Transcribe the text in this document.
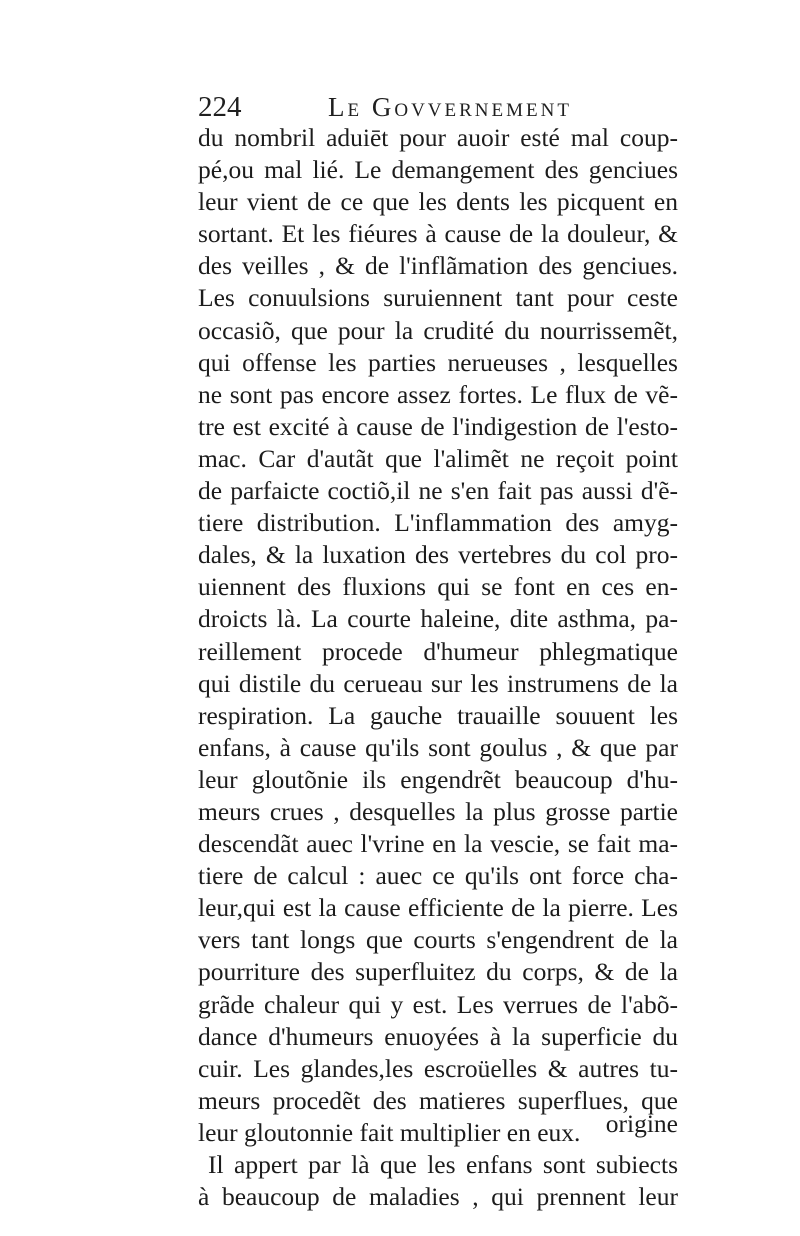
224	Le Govvernement
du nombril aduiēt pour auoir esté mal coup-
pé,ou mal lié. Le demangement des genciues
leur vient de ce que les dents les picquent en
sortant. Et les fiéures à cause de la douleur, &
des veilles , & de l'inflãmation des genciues.
Les conuulsions suruiennent tant pour ceste
occasiõ, que pour la crudité du nourrissemẽt,
qui offense les parties nerueuses , lesquelles
ne sont pas encore assez fortes. Le flux de vẽ-
tre est excité à cause de l'indigestion de l'esto-
mac. Car d'autãt que l'alimẽt ne reçoit point
de parfaicte coctiõ,il ne s'en fait pas aussi d'ẽ-
tiere distribution. L'inflammation des amyg-
dales, & la luxation des vertebres du col pro-
uiennent des fluxions qui se font en ces en-
droicts là. La courte haleine, dite asthma, pa-
reillement procede d'humeur phlegmatique
qui distile du cerueau sur les instrumens de la
respiration. La gauche trauaille souuent les
enfans, à cause qu'ils sont goulus , & que par
leur gloutõnie ils engendrẽt beaucoup d'hu-
meurs crues , desquelles la plus grosse partie
descendãt auec l'vrine en la vescie, se fait ma-
tiere de calcul : auec ce qu'ils ont force cha-
leur,qui est la cause efficiente de la pierre. Les
vers tant longs que courts s'engendrent de la
pourriture des superfluitez du corps, & de la
grãde chaleur qui y est. Les verrues de l'abõ-
dance d'humeurs enuoyées à la superficie du
cuir. Les glandes,les escroüelles & autres tu-
meurs procedẽt des matieres superflues, que
leur gloutonnie fait multiplier en eux.
Il appert par là que les enfans sont subiects
à beaucoup de maladies , qui prennent leur
origine
